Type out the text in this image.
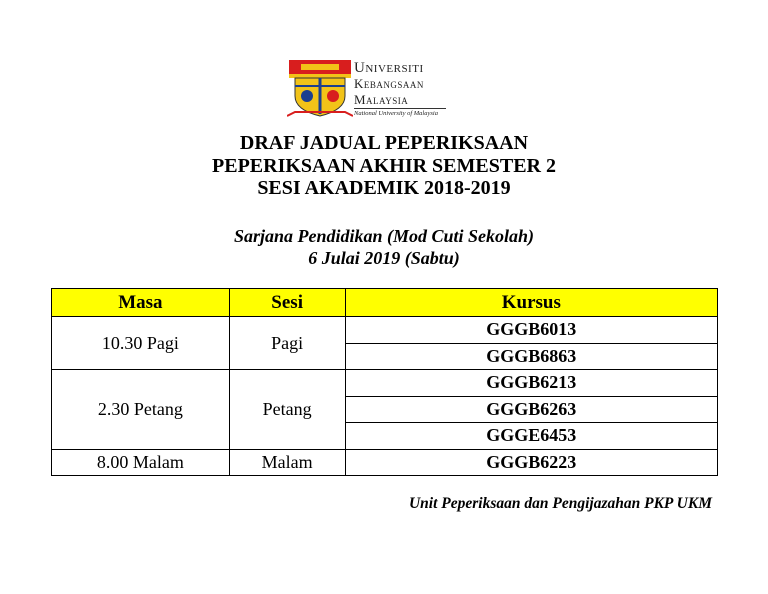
Universiti
Kebangsaan
Malaysia
National University of Malaysia
DRAF JADUAL PEPERIKSAAN
PEPERIKSAAN AKHIR SEMESTER 2
SESI AKADEMIK 2018-2019
Sarjana Pendidikan (Mod Cuti Sekolah)
6 Julai 2019 (Sabtu)
Masa	Sesi	Kursus
10.30 Pagi	Pagi	GGGB6013
		GGGB6863
2.30 Petang	Petang	GGGB6213
		GGGB6263
		GGGE6453
8.00 Malam	Malam	GGGB6223
Unit Peperiksaan dan Pengijazahan PKP UKM
